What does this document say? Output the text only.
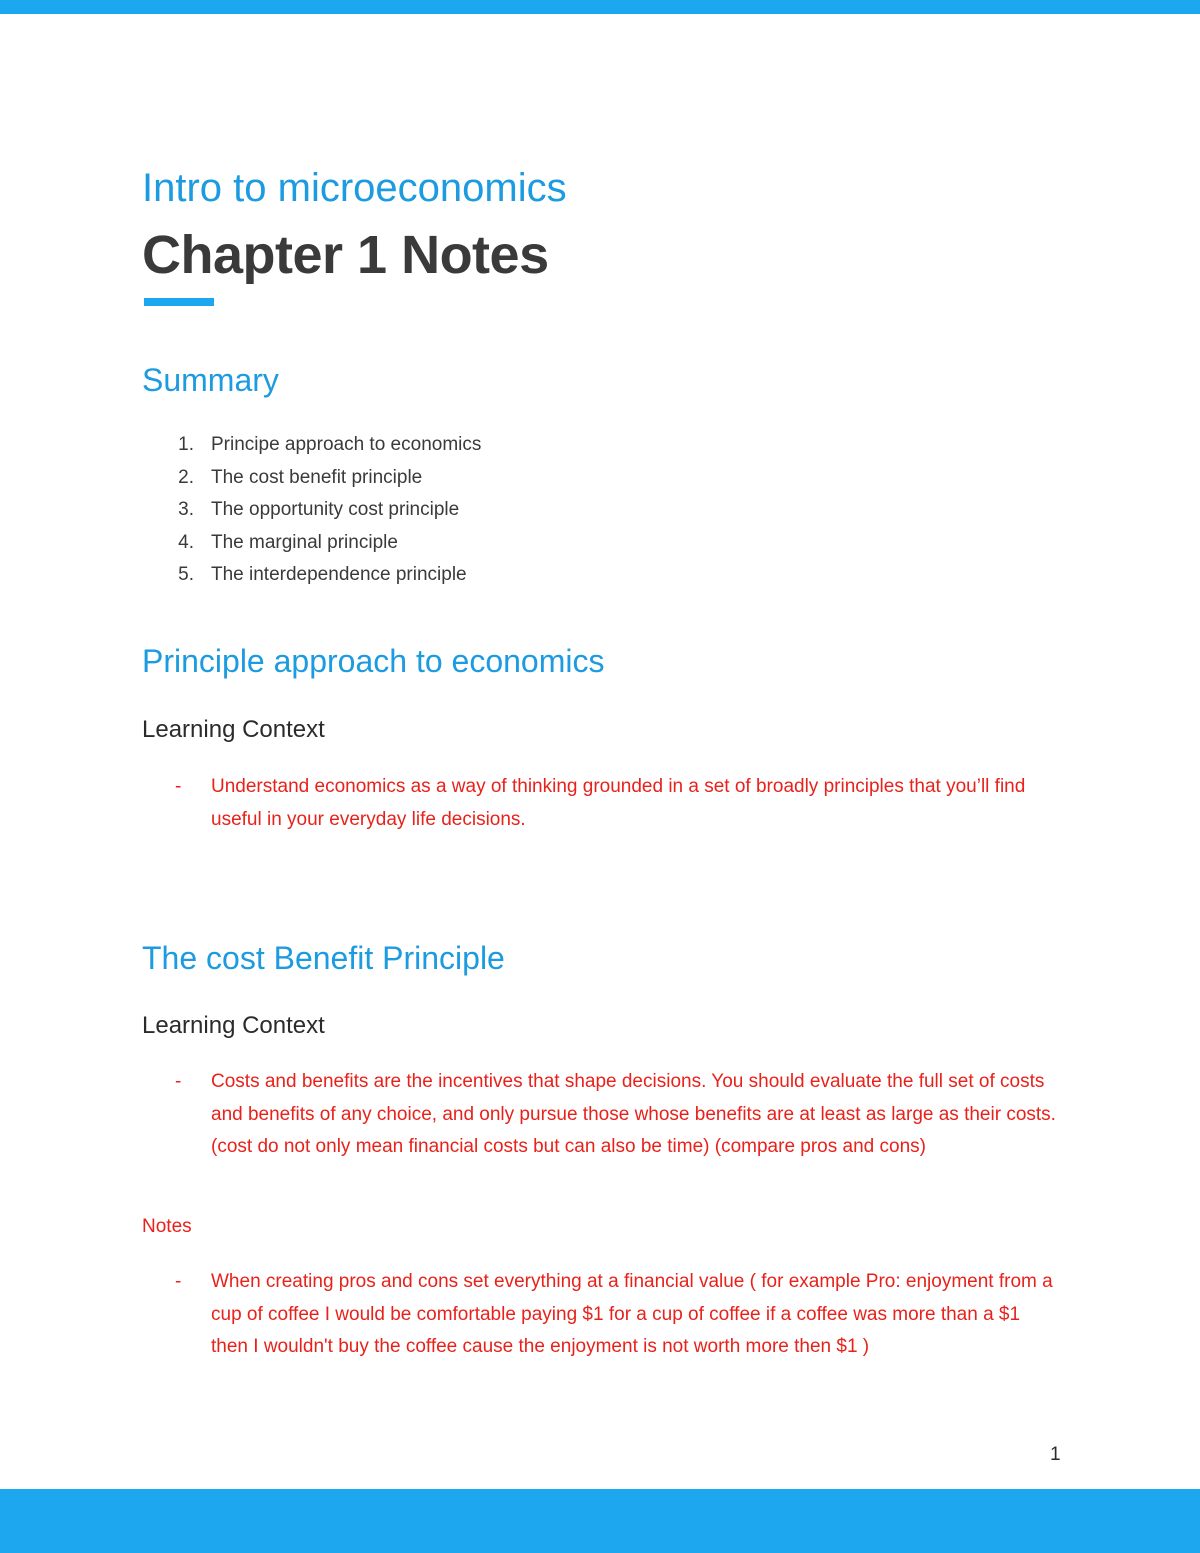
Intro to microeconomics
Chapter 1 Notes
Summary
1. Principe approach to economics
2. The cost benefit principle
3. The opportunity cost principle
4. The marginal principle
5. The interdependence principle
Principle approach to economics
Learning Context
-	Understand economics as a way of thinking grounded in a set of broadly principles that you’ll find useful in your everyday life decisions.
The cost Benefit Principle
Learning Context
-	Costs and benefits are the incentives that shape decisions. You should evaluate the full set of costs and benefits of any choice, and only pursue those whose benefits are at least as large as their costs. (cost do not only mean financial costs but can also be time) (compare pros and cons)

Notes

-	When creating pros and cons set everything at a financial value ( for example Pro: enjoyment from a cup of coffee I would be comfortable paying $1 for a cup of coffee if a coffee was more than a $1 then I wouldn't buy the coffee cause the enjoyment is not worth more then $1 )
1
